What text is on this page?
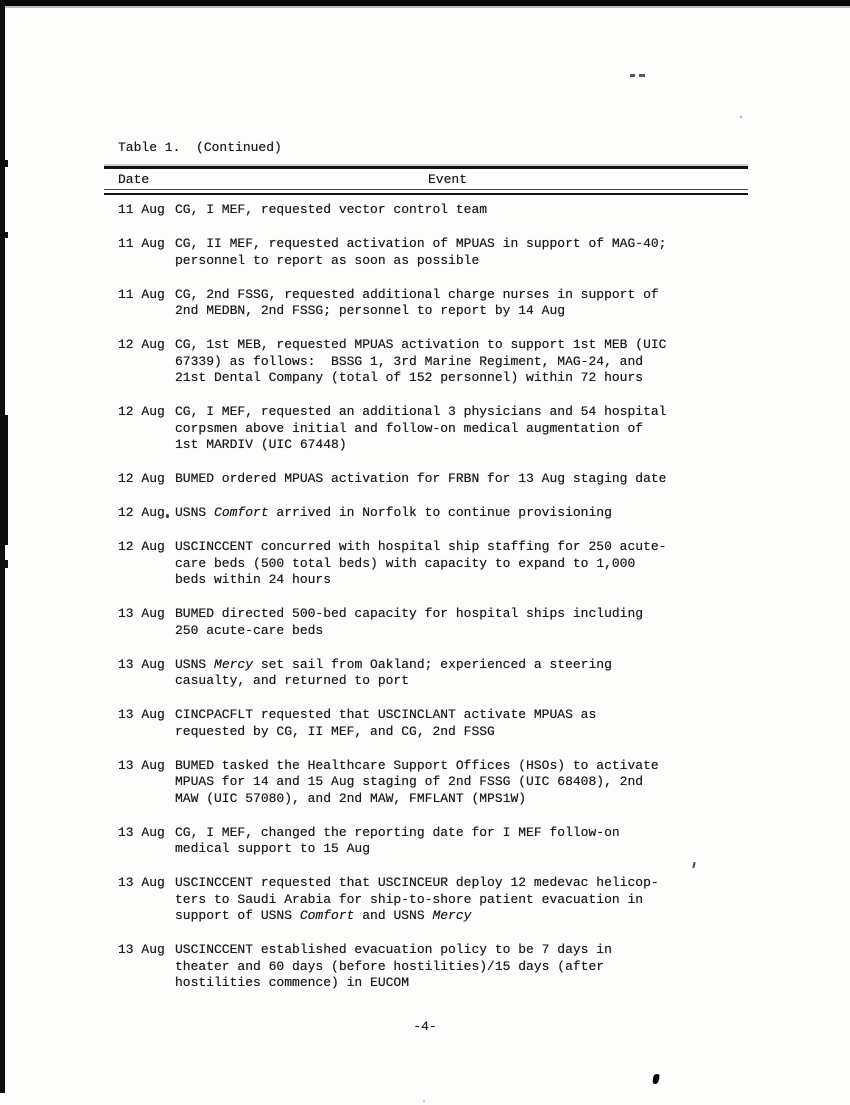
Table 1.  (Continued)
Date	Event
11 Aug CG, I MEF, requested vector control team
11 Aug CG, II MEF, requested activation of MPUAS in support of MAG-40;
personnel to report as soon as possible
11 Aug CG, 2nd FSSG, requested additional charge nurses in support of
2nd MEDBN, 2nd FSSG; personnel to report by 14 Aug
12 Aug CG, 1st MEB, requested MPUAS activation to support 1st MEB (UIC
67339) as follows:  BSSG 1, 3rd Marine Regiment, MAG-24, and
21st Dental Company (total of 152 personnel) within 72 hours
12 Aug CG, I MEF, requested an additional 3 physicians and 54 hospital
corpsmen above initial and follow-on medical augmentation of
1st MARDIV (UIC 67448)
12 Aug BUMED ordered MPUAS activation for FRBN for 13 Aug staging date
12 Aug USNS Comfort arrived in Norfolk to continue provisioning
12 Aug USCINCCENT concurred with hospital ship staffing for 250 acute-
care beds (500 total beds) with capacity to expand to 1,000
beds within 24 hours
13 Aug BUMED directed 500-bed capacity for hospital ships including
250 acute-care beds
13 Aug USNS Mercy set sail from Oakland; experienced a steering
casualty, and returned to port
13 Aug CINCPACFLT requested that USCINCLANT activate MPUAS as
requested by CG, II MEF, and CG, 2nd FSSG
13 Aug BUMED tasked the Healthcare Support Offices (HSOs) to activate
MPUAS for 14 and 15 Aug staging of 2nd FSSG (UIC 68408), 2nd
MAW (UIC 57080), and 2nd MAW, FMFLANT (MPS1W)
13 Aug CG, I MEF, changed the reporting date for I MEF follow-on
medical support to 15 Aug
13 Aug USCINCCENT requested that USCINCEUR deploy 12 medevac helicop-
ters to Saudi Arabia for ship-to-shore patient evacuation in
support of USNS Comfort and USNS Mercy
13 Aug USCINCCENT established evacuation policy to be 7 days in
theater and 60 days (before hostilities)/15 days (after
hostilities commence) in EUCOM
-4-
